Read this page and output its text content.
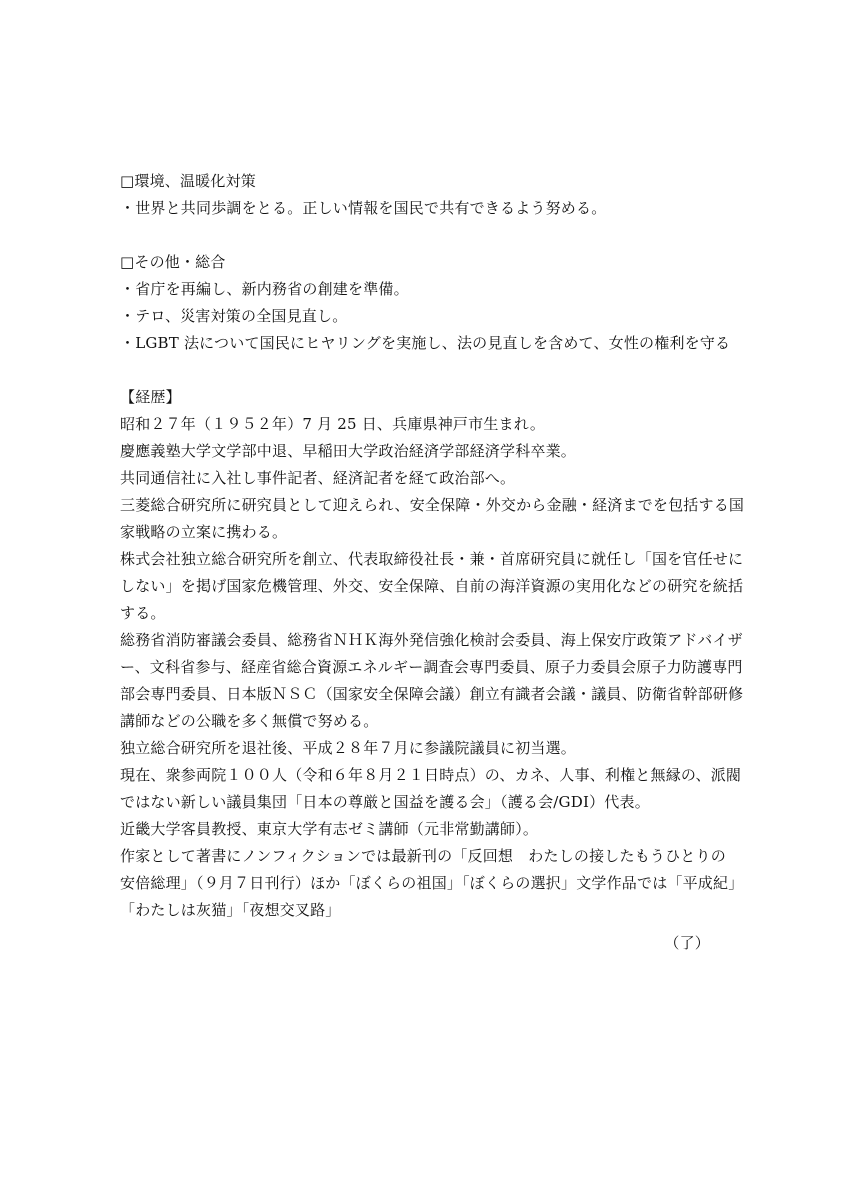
□環境、温暖化対策
・世界と共同歩調をとる。正しい情報を国民で共有できるよう努める。
□その他・総合
・省庁を再編し、新内務省の創建を準備。
・テロ、災害対策の全国見直し。
・LGBT 法について国民にヒヤリングを実施し、法の見直しを含めて、女性の権利を守る
【経歴】
昭和２７年（１９５２年）7 月 25 日、兵庫県神戸市生まれ。
慶應義塾大学文学部中退、早稲田大学政治経済学部経済学科卒業。
共同通信社に入社し事件記者、経済記者を経て政治部へ。
三菱総合研究所に研究員として迎えられ、安全保障・外交から金融・経済までを包括する国
家戦略の立案に携わる。
株式会社独立総合研究所を創立、代表取締役社長・兼・首席研究員に就任し「国を官任せに
しない」を掲げ国家危機管理、外交、安全保障、自前の海洋資源の実用化などの研究を統括
する。
総務省消防審議会委員、総務省ＮＨＫ海外発信強化検討会委員、海上保安庁政策アドバイザ
ー、文科省参与、経産省総合資源エネルギー調査会専門委員、原子力委員会原子力防護専門
部会専門委員、日本版ＮＳＣ（国家安全保障会議）創立有識者会議・議員、防衛省幹部研修
講師などの公職を多く無償で努める。
独立総合研究所を退社後、平成２８年７月に参議院議員に初当選。
現在、衆参両院１００人（令和６年８月２１日時点）の、カネ、人事、利権と無縁の、派閥
ではない新しい議員集団「日本の尊厳と国益を護る会」（護る会/GDI）代表。
近畿大学客員教授、東京大学有志ゼミ講師（元非常勤講師）。
作家として著書にノンフィクションでは最新刊の「反回想　わたしの接したもうひとりの
安倍総理」（９月７日刊行）ほか「ぼくらの祖国」「ぼくらの選択」文学作品では「平成紀」
「わたしは灰猫」「夜想交叉路」
（了）
